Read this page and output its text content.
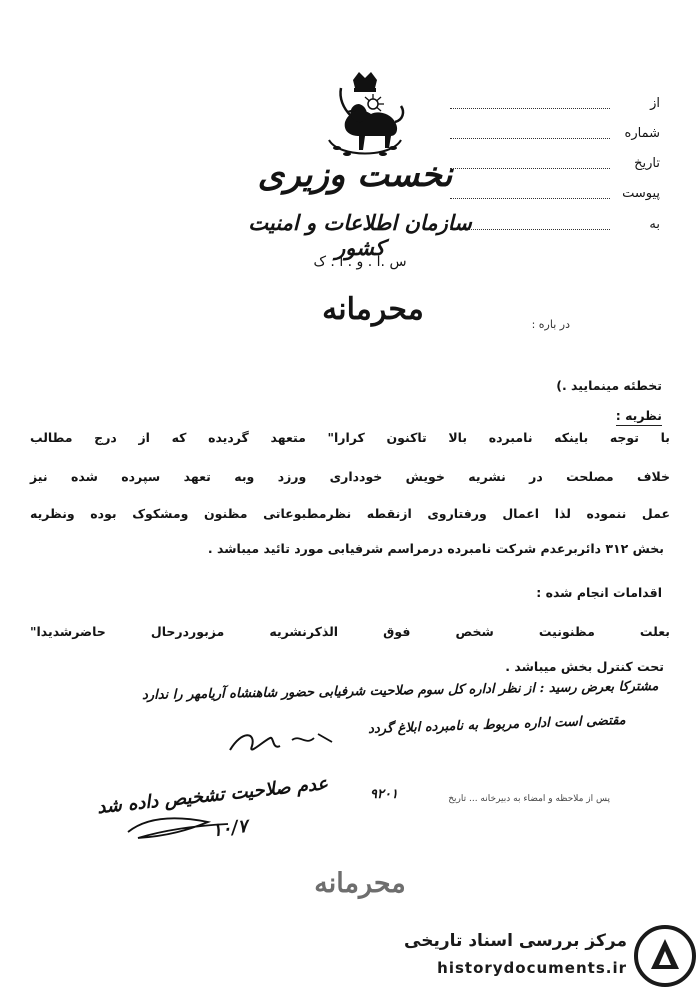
از
شماره
تاریخ
پیوست
به
نخست وزیری
سازمان اطلاعات و امنیت کشور
س .ا . و . ا . ک
محرمانه	در باره :
تخطئه مینمایید .)
نظریه :
با توجه باینکه نامبرده بالا تاکنون کرارا" متعهد گردیده که از درج مطالب
خلاف مصلحت در نشریه خویش خودداری ورزد وبه تعهد سپرده شده نیز
عمل ننموده لذا اعمال ورفتاروی ازنقطه نظرمطبوعاتی مظنون ومشکوک بوده ونظریه
بخش ۳۱۲ دائربرعدم شرکت نامبرده درمراسم شرفیابی مورد تائید میباشد .
اقدامات انجام شده :
بعلت مظنونیت شخص فوق الذکرنشریه مزبوردرحال حاضرشدیدا"
تحت کنترل بخش میباشد .
مشترکا بعرض رسید : از نظر اداره کل سوم صلاحیت شرفیابی حضور شاهنشاه آریامهر را ندارد
مقتضی است اداره مربوط به نامبرده ابلاغ گردد
عدم صلاحیت تشخیص داده شد
۱۰/۷
پس از ملاحظه و امضاء به دبیرخانه ... تاریخ
۹۲۰۱
محرمانه
مرکز بررسی اسناد تاریخی
historydocuments.ir
